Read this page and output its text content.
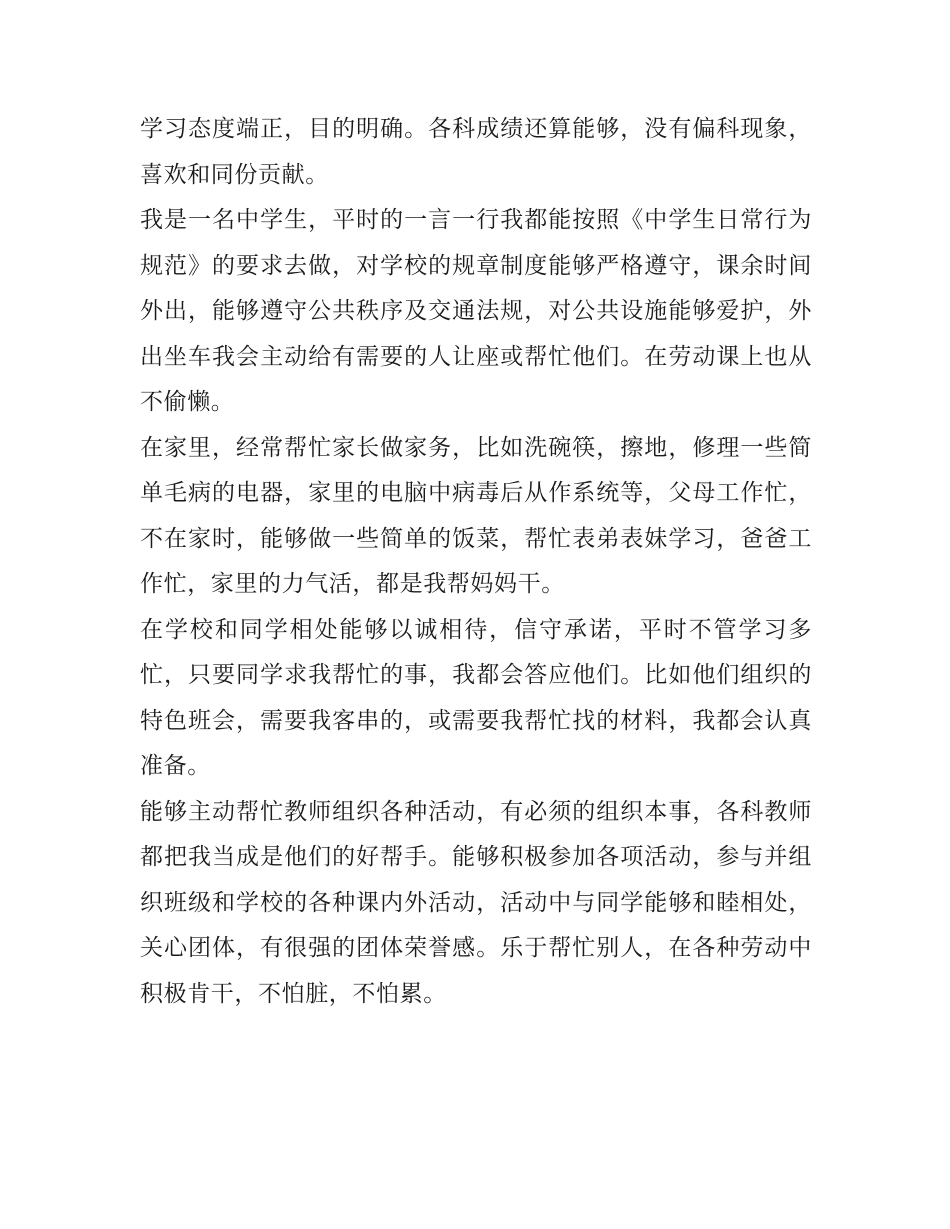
学习态度端正，目的明确。各科成绩还算能够，没有偏科现象，喜欢和同份贡献。

我是一名中学生，平时的一言一行我都能按照《中学生日常行为规范》的要求去做，对学校的规章制度能够严格遵守，课余时间外出，能够遵守公共秩序及交通法规，对公共设施能够爱护，外出坐车我会主动给有需要的人让座或帮忙他们。在劳动课上也从不偷懒。

在家里，经常帮忙家长做家务，比如洗碗筷，擦地，修理一些简单毛病的电器，家里的电脑中病毒后从作系统等，父母工作忙，不在家时，能够做一些简单的饭菜，帮忙表弟表妹学习，爸爸工作忙，家里的力气活，都是我帮妈妈干。

在学校和同学相处能够以诚相待，信守承诺，平时不管学习多忙，只要同学求我帮忙的事，我都会答应他们。比如他们组织的特色班会，需要我客串的，或需要我帮忙找的材料，我都会认真准备。

能够主动帮忙教师组织各种活动，有必须的组织本事，各科教师都把我当成是他们的好帮手。能够积极参加各项活动，参与并组织班级和学校的各种课内外活动，活动中与同学能够和睦相处，关心团体，有很强的团体荣誉感。乐于帮忙别人，在各种劳动中积极肯干，不怕脏，不怕累。
